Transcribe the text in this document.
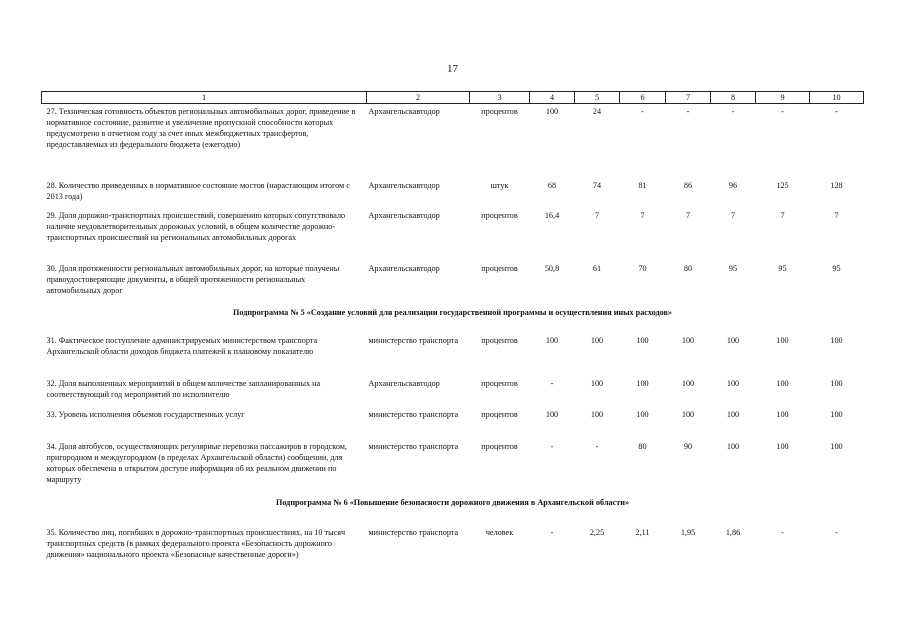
17
1	2	3	4	5	6	7	8	9	10
27. Техническая готовность объектов региональных автомобильных дорог, приведение в нормативное состояние, развитие и увеличение пропускной способности которых предусмотрено в отчетном году за счет иных межбюджетных трансфертов, предоставляемых из федерального бюджета (ежегодно)	Архангельскавтодор	процентов	100	24	-	-	-	-	-
28. Количество приведенных в нормативное состояние мостов (нарастающим итогом с 2013 года)	Архангельскавтодор	штук	68	74	81	86	96	125	128
29. Доля дорожно-транспортных происшествий, совершению которых сопутствовало наличие неудовлетворительных дорожных условий, в общем количестве дорожно-транспортных происшествий на региональных автомобильных дорогах	Архангельскавтодор	процентов	16,4	7	7	7	7	7	7
30. Доля протяженности региональных автомобильных дорог, на которые получены правоудостоверяющие документы, в общей протяженности региональных автомобильных дорог	Архангельскавтодор	процентов	50,8	61	70	80	95	95	95
Подпрограмма № 5 «Создание условий для реализации государственной программы и осуществления иных расходов»									
31. Фактическое поступление администрируемых министерством транспорта Архангельской области доходов бюджета платежей к плановому показателю	министерство транспорта	процентов	100	100	100	100	100	100	100
32. Доля выполненных мероприятий в общем количестве запланированных на соответствующий год мероприятий по исполнителю	Архангельскавтодор	процентов	-	100	100	100	100	100	100
33. Уровень исполнения объемов государственных услуг	министерство транспорта	процентов	100	100	100	100	100	100	100
34. Доля автобусов, осуществляющих регулярные перевозки пассажиров в городском, пригородном и междугородном (в пределах Архангельской области) сообщении, для которых обеспечена в открытом доступе информация об их реальном движении по маршруту	министерство транспорта	процентов	-	-	80	90	100	100	100
Подпрограмма № 6 «Повышение безопасности дорожного движения в Архангельской области»									
35. Количество лиц, погибших в дорожно-транспортных происшествиях, на 10 тысяч транспортных средств (в рамках федерального проекта «Безопасность дорожного движения» национального проекта «Безопасные качественные дороги»)	министерство транспорта	человек	-	2,25	2,11	1,95	1,86	-	-
